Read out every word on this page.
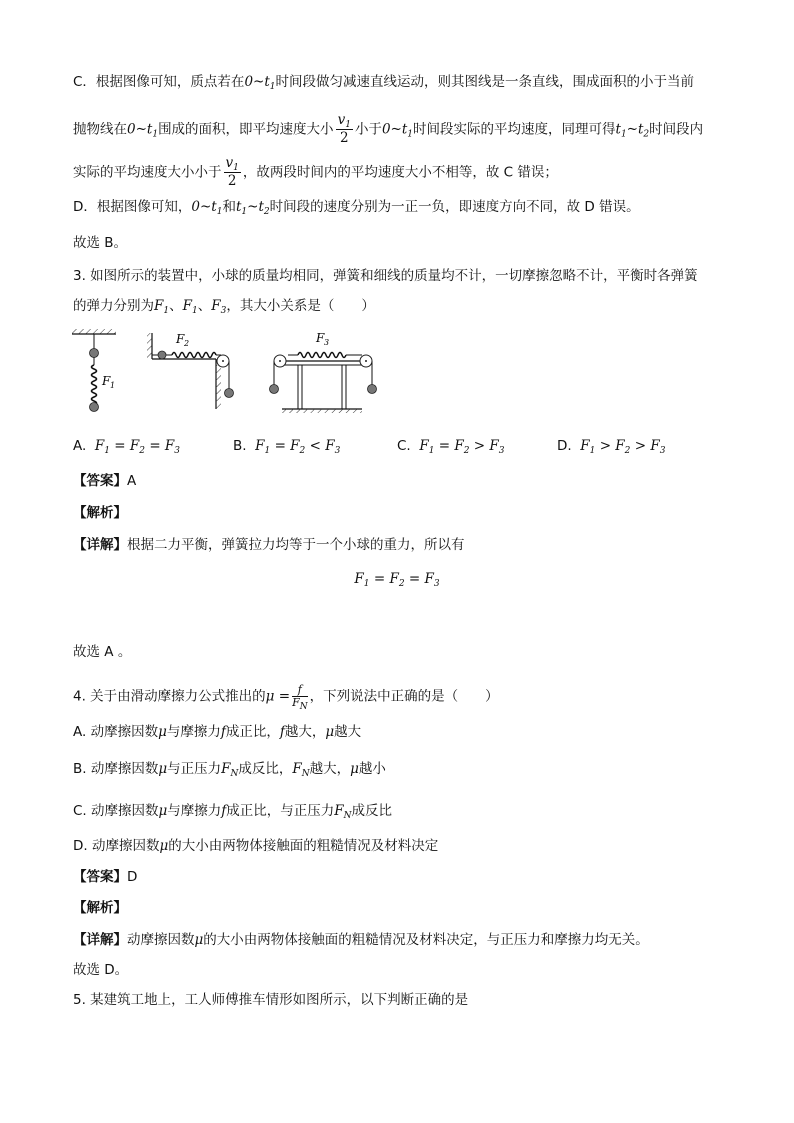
C．根据图像可知，质点若在$0\sim t_1$时间段做匀减速直线运动，则其图线是一条直线，围成面积的小于当前
抛物线在$0\sim t_1$围成的面积，即平均速度大小 $\frac{v_1}{2}$ 小于$0\sim t_1$时间段实际的平均速度，同理可得$t_1\sim t_2$时间段内
实际的平均速度大小小于 $\frac{v_1}{2}$ ，故两段时间内的平均速度大小不相等，故 C 错误；
D．根据图像可知，$0\sim t_1$和$t_1\sim t_2$时间段的速度分别为一正一负，即速度方向不同，故 D 错误。
故选 B。
3. 如图所示的装置中，小球的质量均相同，弹簧和细线的质量均不计，一切摩擦忽略不计，平衡时各弹簧
的弹力分别为$F_1$、$F_1$、$F_3$，其大小关系是（　　）
F 1
F 2	F 3
A. $F_1 = F_2 = F_3$	B. $F_1 = F_2 < F_3$	C. $F_1 = F_2 > F_3$	D. $F_1 > F_2 > F_3$
【答案】A
【解析】
【详解】根据二力平衡，弹簧拉力均等于一个小球的重力，所以有
$F_1 = F_2 = F_3$
故选 A 。
4. 关于由滑动摩擦力公式推出的$\mu = \frac{f}{F_N}$ ，下列说法中正确的是（　　）
A. 动摩擦因数μ与摩擦力f成正比，f越大，μ越大
B. 动摩擦因数μ与正压力$F_N$成反比，$F_N$越大，μ越小
C. 动摩擦因数μ与摩擦力f成正比，与正压力$F_N$成反比
D. 动摩擦因数μ的大小由两物体接触面的粗糙情况及材料决定
【答案】D
【解析】
【详解】动摩擦因数μ的大小由两物体接触面的粗糙情况及材料决定，与正压力和摩擦力均无关。
故选 D。
5. 某建筑工地上，工人师傅推车情形如图所示，以下判断正确的是
